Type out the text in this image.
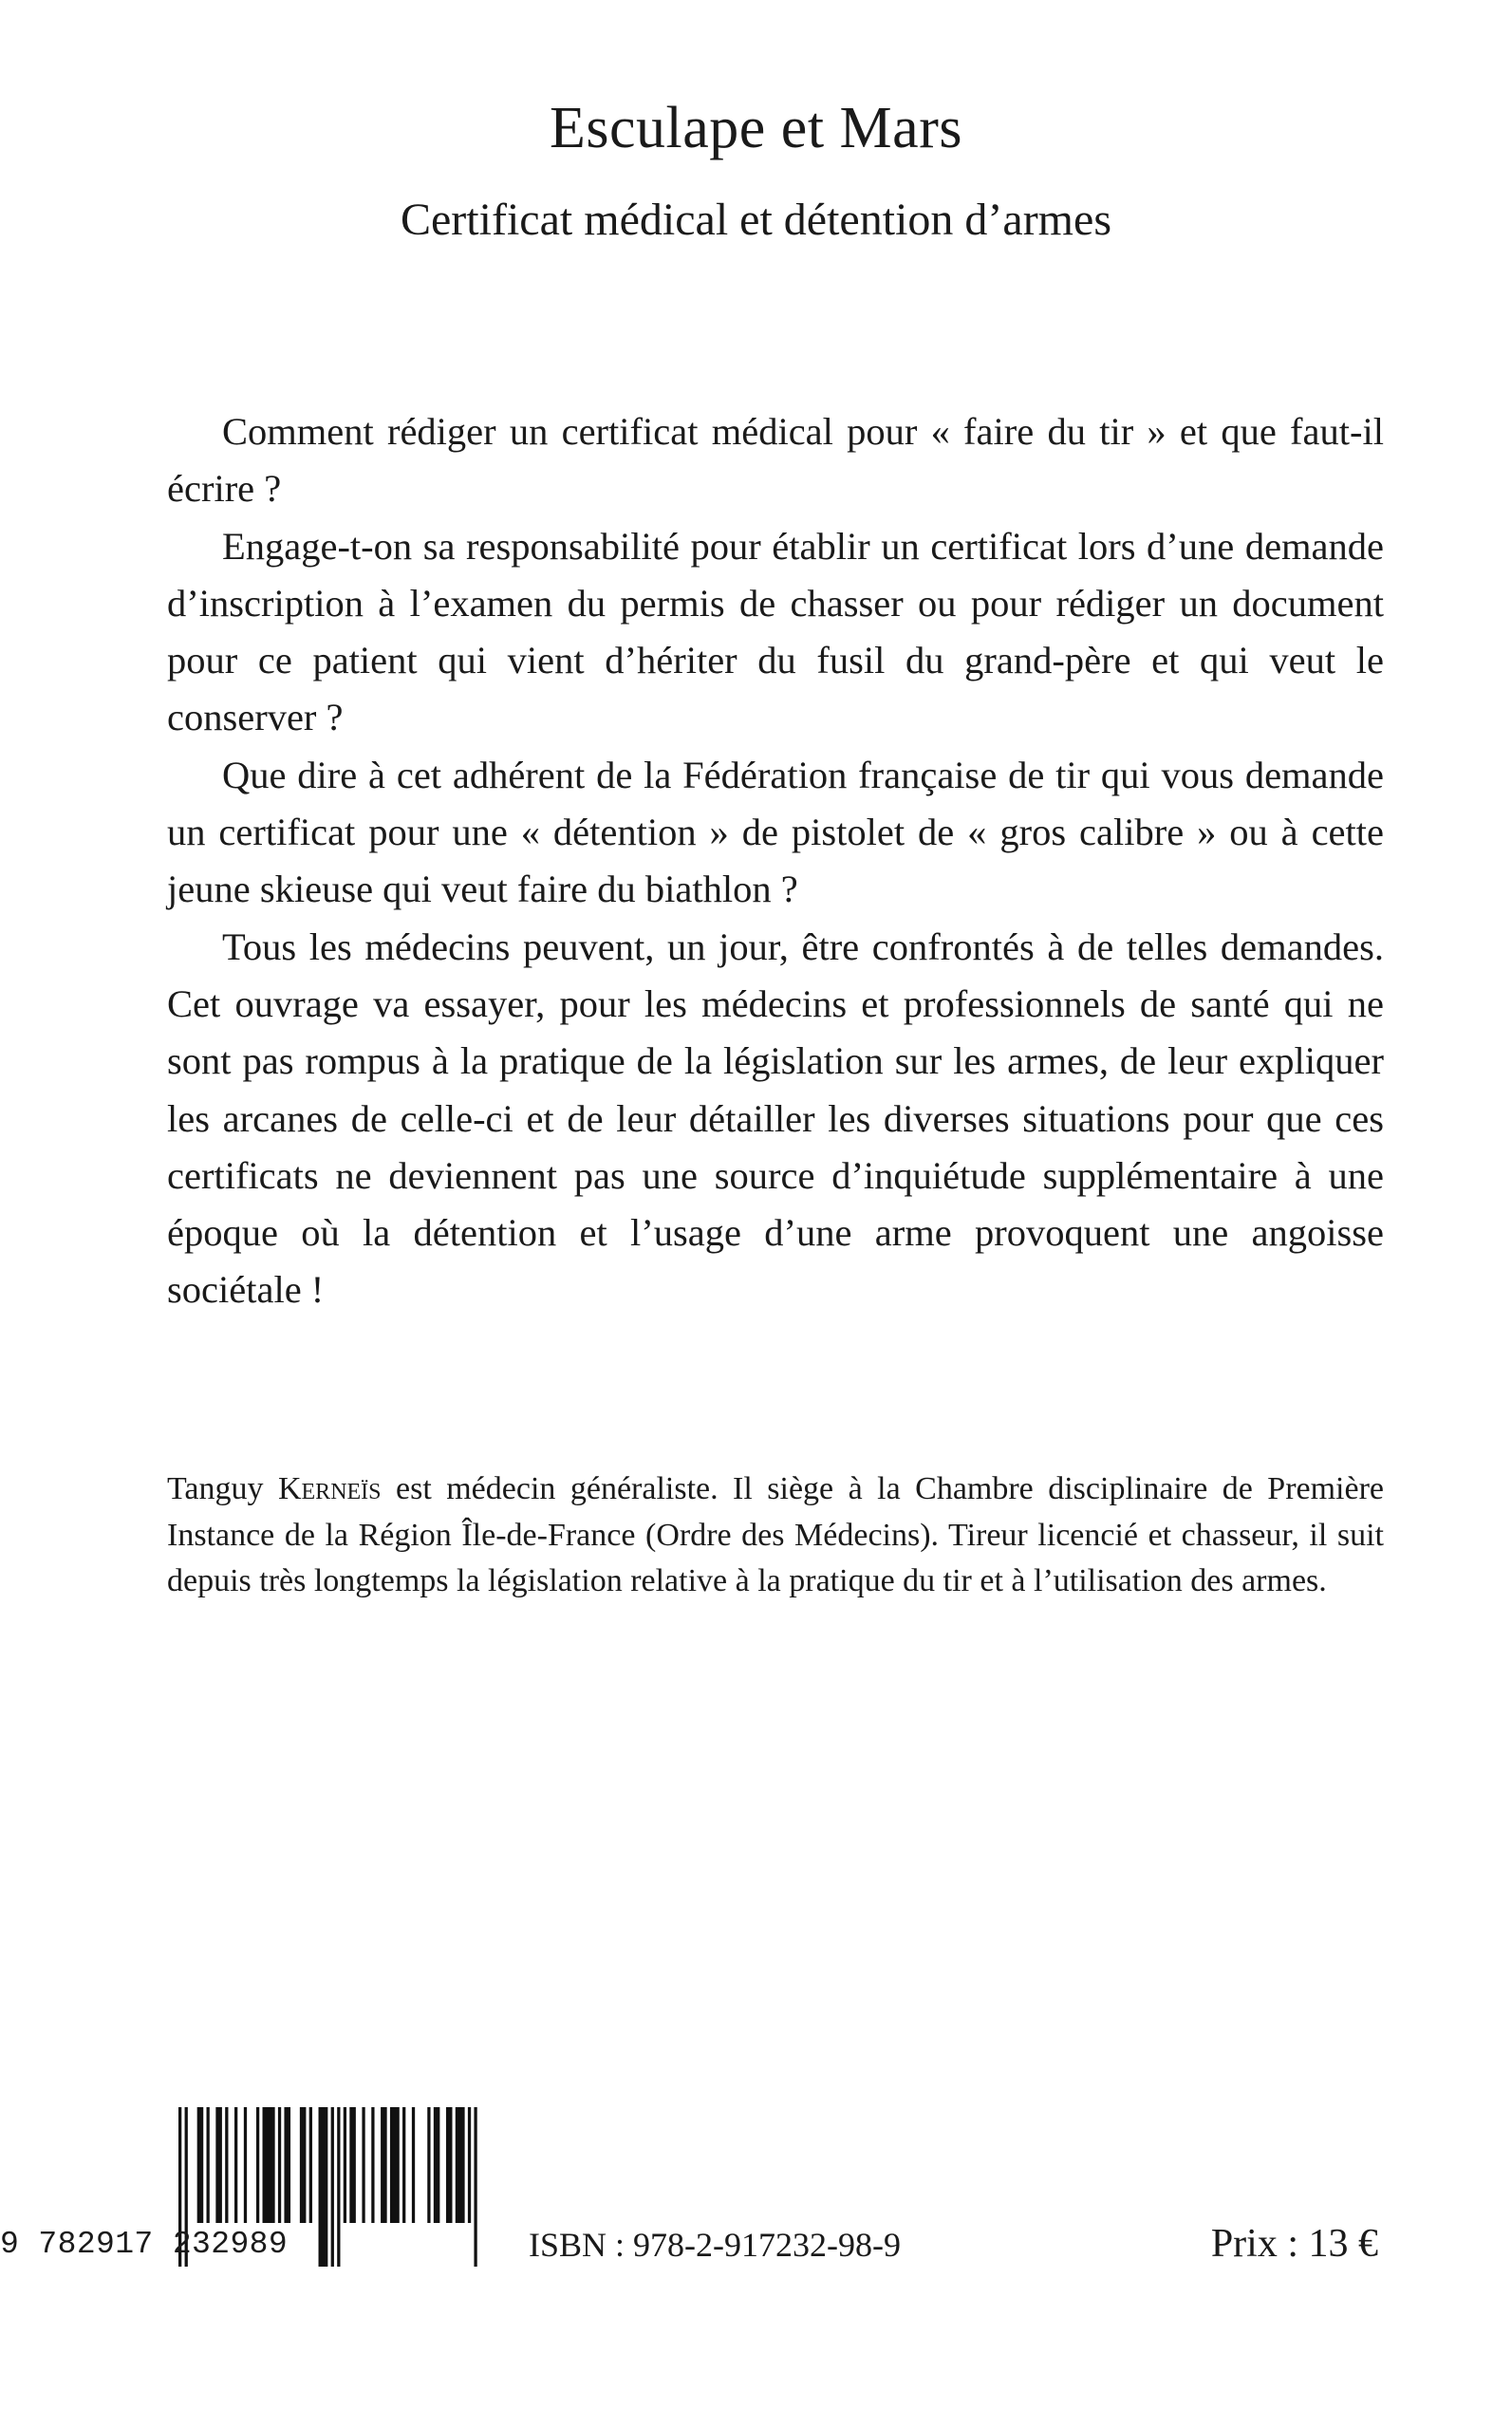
Esculape et Mars
Certificat médical et détention d’armes

Comment rédiger un certificat médical pour « faire du tir » et que faut-il écrire ?

Engage-t-on sa responsabilité pour établir un certificat lors d’une demande d’inscription à l’examen du permis de chasser ou pour rédiger un document pour ce patient qui vient d’hériter du fusil du grand-père et qui veut le conserver ?

Que dire à cet adhérent de la Fédération française de tir qui vous demande un certificat pour une « détention » de pistolet de « gros calibre » ou à cette jeune skieuse qui veut faire du biathlon ?

Tous les médecins peuvent, un jour, être confrontés à de telles demandes. Cet ouvrage va essayer, pour les médecins et professionnels de santé qui ne sont pas rompus à la pratique de la législation sur les armes, de leur expliquer les arcanes de celle-ci et de leur détailler les diverses situations pour que ces certificats ne deviennent pas une source d’inquiétude supplémentaire à une époque où la détention et l’usage d’une arme provoquent une angoisse sociétale !

Tanguy Kerneïs est médecin généraliste. Il siège à la Chambre disciplinaire de Première Instance de la Région Île-de-France (Ordre des Médecins). Tireur licencié et chasseur, il suit depuis très longtemps la législation relative à la pratique du tir et à l’utilisation des armes.
9 782917 232989	ISBN : 978-2-917232-98-9	Prix : 13 €
